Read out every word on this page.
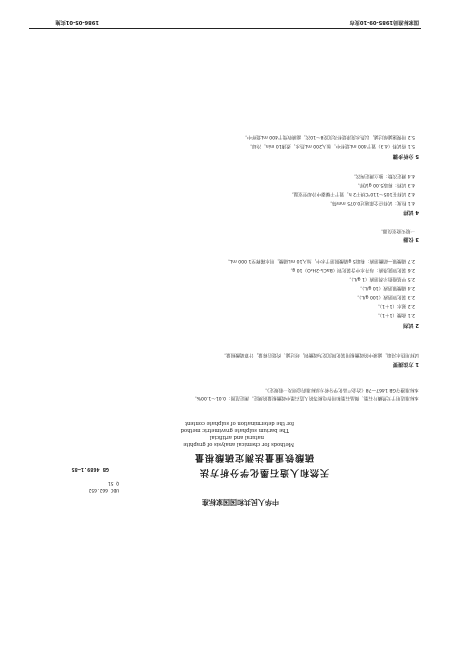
中华人民共和国国家标准
UDC 662.652
Q 51
天然和人造石墨化学分析方法
GB 4689.1—85
硫酸铁重量法测定硫酸根量
Methods for chemical analysis of graphite
natural and artificial
The barium sulphate gravimetric method
for the determination of sulphate content
本标准适用于天然鳞片石墨、微晶石墨和用作电极等的人造石墨中硫酸根量的测定。测定范围：0.01～1.00%。
本标准遵守GB 1467—78《冶金产品化学分析方法标准的总则及一般规定》。
1 方法提要
试样用热水浸取，滤液中的硫酸根用氯化钡沉淀为硫酸钡，经过滤、灼烧后称量，计算硫酸根量。
2 试剂
2.1 盐酸（1＋1）。
2.2 氨水（1＋1）。
2.3 氯化钡溶液（100 g/L）。
2.4 硝酸银溶液（10 g/L）。
2.5 甲基橙指示剂溶液（1 g/L）。
2.6 氯化钡洗涤液：每升水中含氯化钡（BaCl₂·2H₂O）10 g。
2.7 硝酸银—硝酸溶液：称取5 g硝酸银溶于水中，加入10 mL硝酸，用水稀释至1 000 mL。
3 仪器
一般实验室仪器。
4 试样
4.1 粒度：试样应全部通过0.075 mm筛。
4.2 试样在105～110℃烘干2 h，置于干燥器中冷却至室温。
4.3 试料：称取5.00 g试样。
4.4 测定次数：独立测定两次。
5 分析步骤
5.1 将试料（4.3）置于400 mL烧杯中，加入200 mL热水，煮沸10 min，冷却。
5.2 用慢速滤纸过滤，以热水洗涤烧杯及沉淀8～10次，滤液收集于400 mL烧杯中。
国家标准局1985-09-10发布
1986-05-01实施
